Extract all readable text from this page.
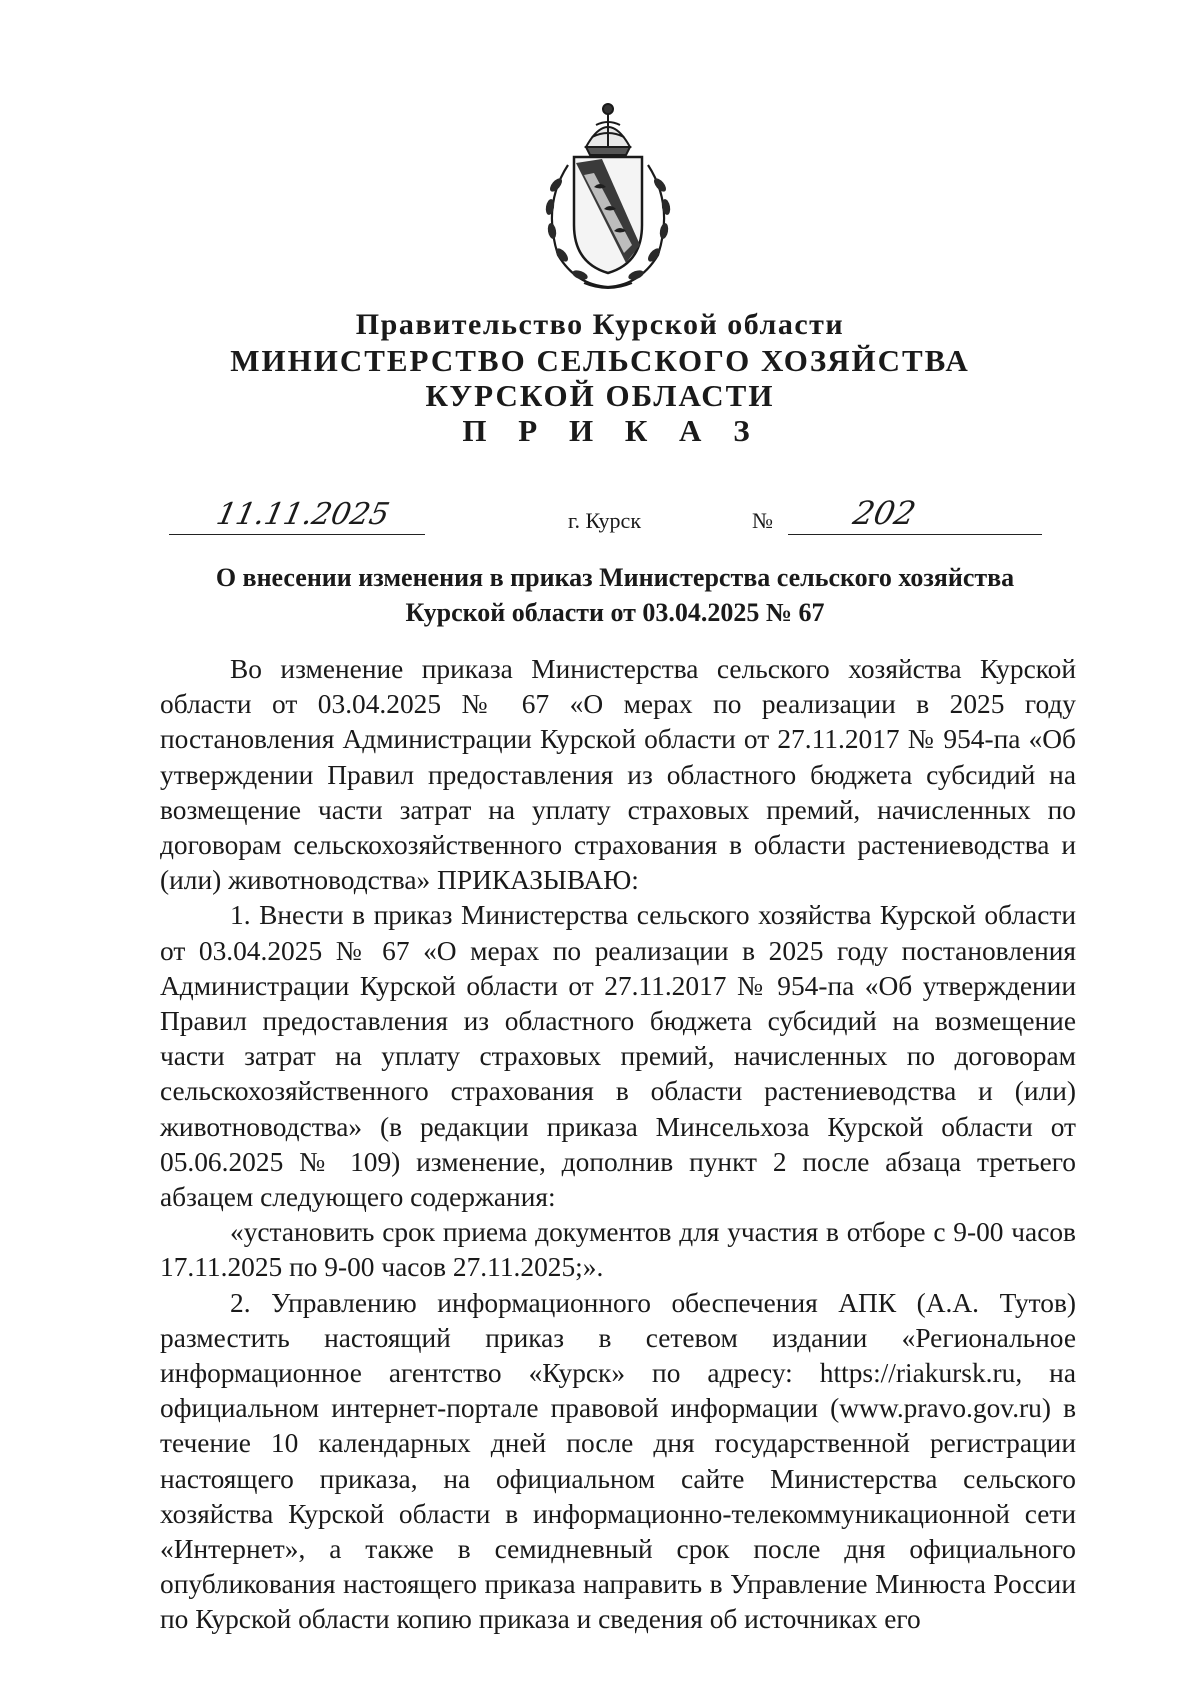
Правительство Курской области
МИНИСТЕРСТВО СЕЛЬСКОГО ХОЗЯЙСТВА
КУРСКОЙ ОБЛАСТИ
П Р И К А З
11.11.2025	г. Курск	№ 202
О внесении изменения в приказ Министерства сельского хозяйства
Курской области от 03.04.2025 № 67

Во изменение приказа Министерства сельского хозяйства Курской области от 03.04.2025 № 67 «О мерах по реализации в 2025 году постановления Администрации Курской области от 27.11.2017 № 954-па «Об утверждении Правил предоставления из областного бюджета субсидий на возмещение части затрат на уплату страховых премий, начисленных по договорам сельскохозяйственного страхования в области растениеводства и (или) животноводства» ПРИКАЗЫВАЮ:

1. Внести в приказ Министерства сельского хозяйства Курской области от 03.04.2025 № 67 «О мерах по реализации в 2025 году постановления Администрации Курской области от 27.11.2017 № 954-па «Об утверждении Правил предоставления из областного бюджета субсидий на возмещение части затрат на уплату страховых премий, начисленных по договорам сельскохозяйственного страхования в области растениеводства и (или) животноводства» (в редакции приказа Минсельхоза Курской области от 05.06.2025 № 109) изменение, дополнив пункт 2 после абзаца третьего абзацем следующего содержания:

«установить срок приема документов для участия в отборе с 9-00 часов 17.11.2025 по 9-00 часов 27.11.2025;».

2. Управлению информационного обеспечения АПК (А.А. Тутов) разместить настоящий приказ в сетевом издании «Региональное информационное агентство «Курск» по адресу: https://riakursk.ru, на официальном интернет-портале правовой информации (www.pravo.gov.ru) в течение 10 календарных дней после дня государственной регистрации настоящего приказа, на официальном сайте Министерства сельского хозяйства Курской области в информационно-телекоммуникационной сети «Интернет», а также в семидневный срок после дня официального опубликования настоящего приказа направить в Управление Минюста России по Курской области копию приказа и сведения об источниках его
